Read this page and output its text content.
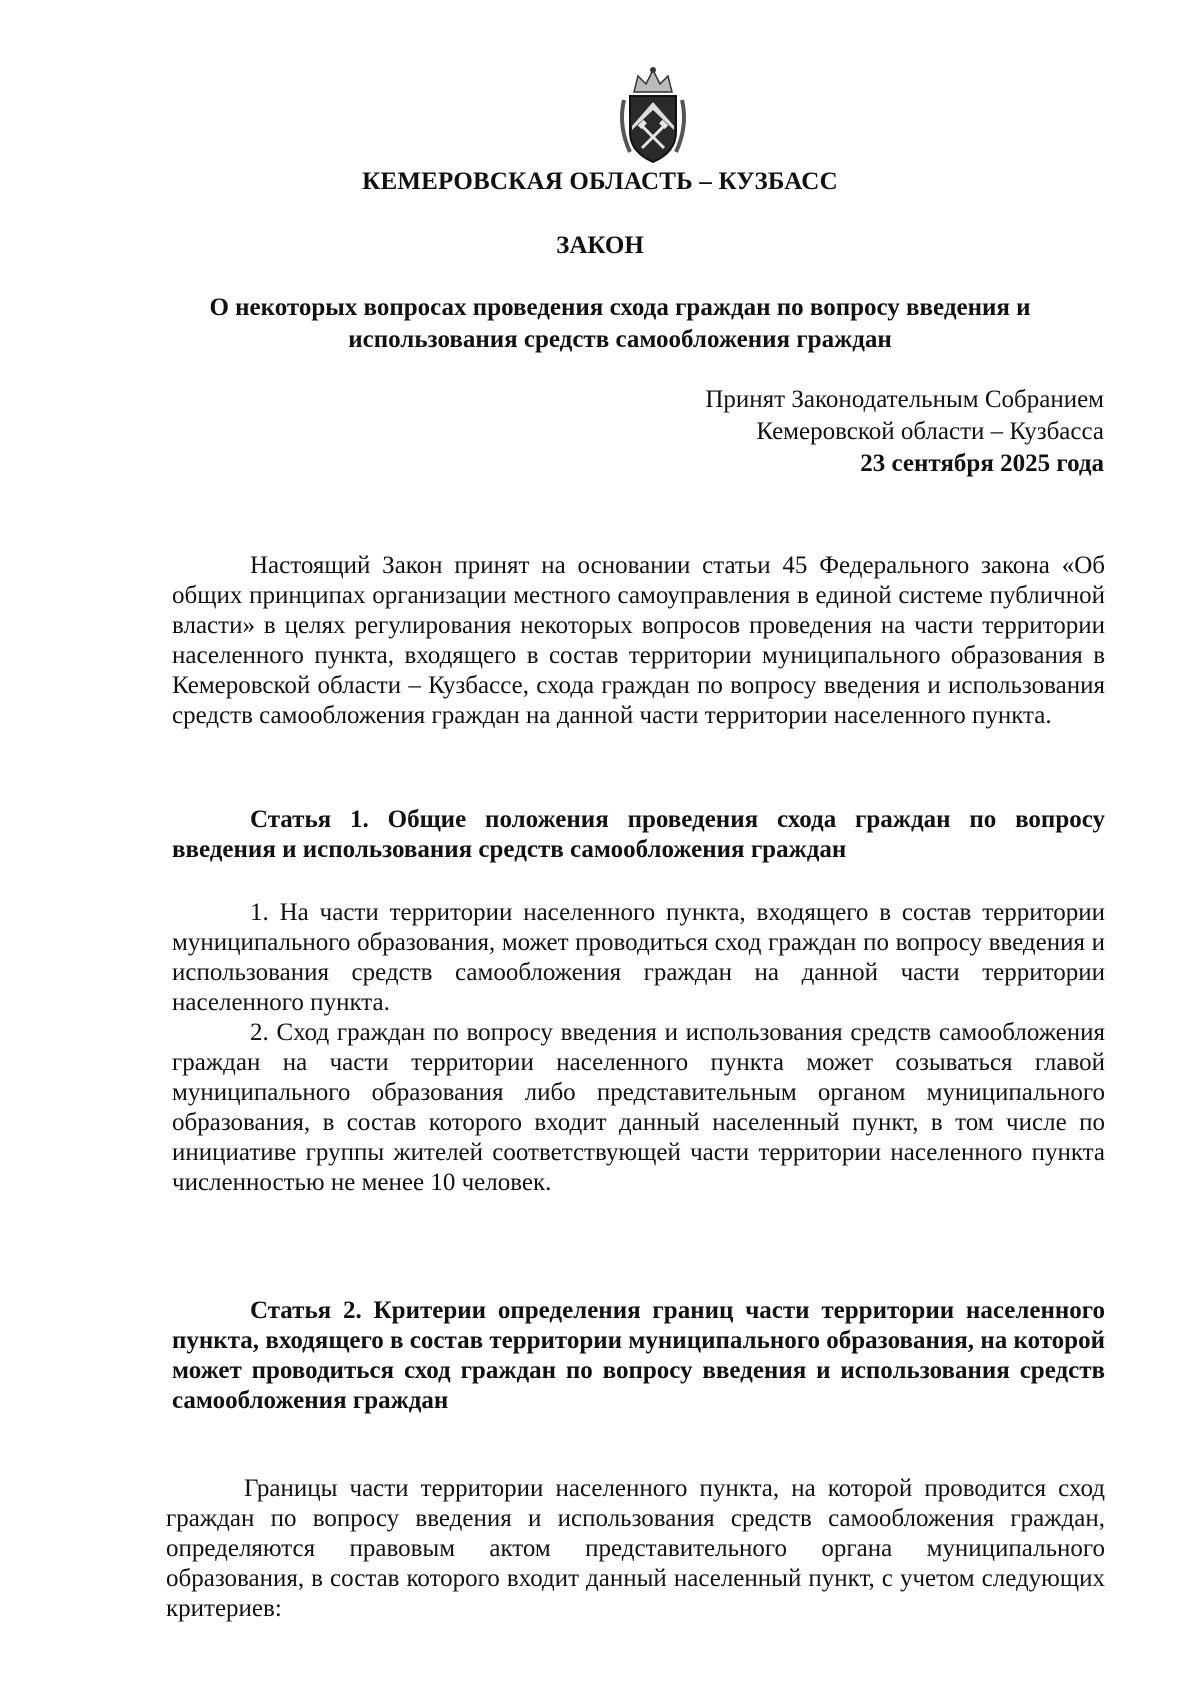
КЕМЕРОВСКАЯ ОБЛАСТЬ – КУЗБАСС
ЗАКОН
О некоторых вопросах проведения схода граждан по вопросу введения и использования средств самообложения граждан
Принят Законодательным Собранием
Кемеровской области – Кузбасса
23 сентября 2025 года

Настоящий Закон принят на основании статьи 45 Федерального закона «Об общих принципах организации местного самоуправления в единой системе публичной власти» в целях регулирования некоторых вопросов проведения на части территории населенного пункта, входящего в состав территории муниципального образования в Кемеровской области – Кузбассе, схода граждан по вопросу введения и использования средств самообложения граждан на данной части территории населенного пункта.

Статья 1. Общие положения проведения схода граждан по вопросу введения и использования средств самообложения граждан

1. На части территории населенного пункта, входящего в состав территории муниципального образования, может проводиться сход граждан по вопросу введения и использования средств самообложения граждан на данной части территории населенного пункта.

2. Сход граждан по вопросу введения и использования средств самообложения граждан на части территории населенного пункта может созываться главой муниципального образования либо представительным органом муниципального образования, в состав которого входит данный населенный пункт, в том числе по инициативе группы жителей соответствующей части территории населенного пункта численностью не менее 10 человек.

Статья 2. Критерии определения границ части территории населенного пункта, входящего в состав территории муниципального образования, на которой может проводиться сход граждан по вопросу введения и использования средств самообложения граждан

Границы части территории населенного пункта, на которой проводится сход граждан по вопросу введения и использования средств самообложения граждан, определяются правовым актом представительного органа муниципального образования, в состав которого входит данный населенный пункт, с учетом следующих критериев:
